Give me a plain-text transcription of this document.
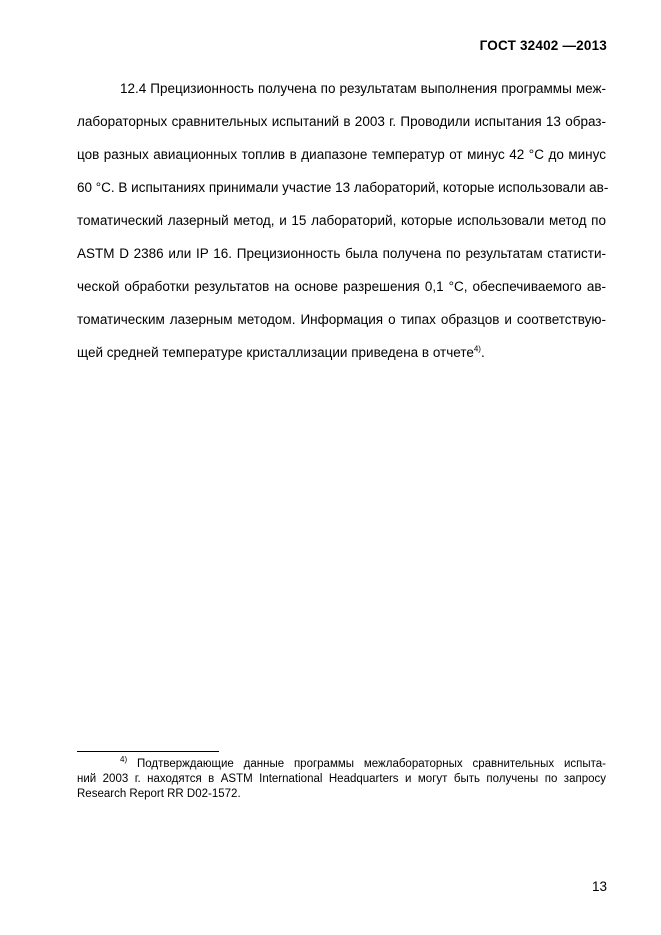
ГОСТ 32402 —2013
12.4 Прецизионность получена по результатам выполнения программы меж-
лабораторных сравнительных испытаний в 2003 г. Проводили испытания 13 образ-
цов разных авиационных топлив в диапазоне температур от минус 42 °С до минус
60 °С. В испытаниях принимали участие 13 лабораторий, которые использовали ав-
томатический лазерный метод, и 15 лабораторий, которые использовали метод по
ASTM D 2386 или IP 16. Прецизионность была получена по результатам статисти-
ческой обработки результатов на основе разрешения 0,1 °С, обеспечиваемого ав-
томатическим лазерным методом. Информация о типах образцов и соответствую-
щей средней температуре кристаллизации приведена в отчете$^{4)}$.
$^{4)}$ Подтверждающие данные программы межлабораторных сравнительных испыта-
ний 2003 г. находятся в ASTM International Headquarters и могут быть получены по запросу
Research Report RR D02-1572.
13
